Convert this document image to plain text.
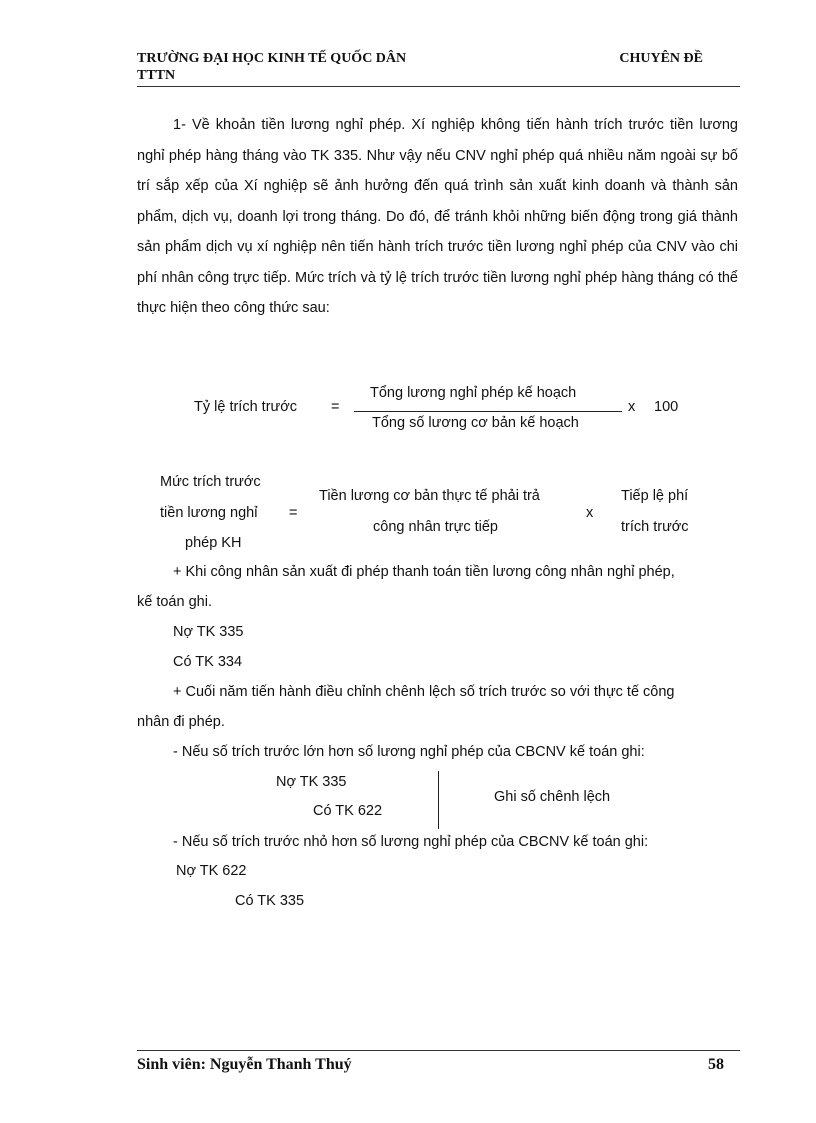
TRƯỜNG ĐẠI HỌC KINH TẾ QUỐC DÂN	CHUYÊN ĐỀ
TTTN
1- Về khoản tiền lương nghỉ phép. Xí nghiệp không tiến hành trích trước tiền lương nghỉ phép hàng tháng vào TK 335. Như vậy nếu CNV nghỉ phép quá nhiều năm ngoài sự bố trí sắp xếp của Xí nghiệp sẽ ảnh hưởng đến quá trình sản xuất kinh doanh và thành sản phẩm, dịch vụ, doanh lợi trong tháng. Do đó, để tránh khỏi những biến động trong giá thành sản phẩm dịch vụ xí nghiệp nên tiến hành trích trước tiền lương nghỉ phép của CNV vào chi phí nhân công trực tiếp. Mức trích và tỷ lệ trích trước tiền lương nghỉ phép hàng tháng có thể thực hiện theo công thức sau:
Tỷ lệ trích trước =
Tổng lương nghỉ phép kế hoạch
Tổng số lương cơ bản kế hoạch
x 100
Mức trích trước
tiền lương nghỉ
phép KH
=
Tiền lương cơ bản thực tế phải trả
công nhân trực tiếp
x
Tiếp lệ phí
trích trước
+ Khi công nhân sản xuất đi phép thanh toán tiền lương công nhân nghỉ phép,
kế toán ghi.
Nợ TK 335
Có TK 334
+ Cuối năm tiến hành điều chỉnh chênh lệch số trích trước so với thực tế công
nhân đi phép.
- Nếu số trích trước lớn hơn số lương nghỉ phép của CBCNV kế toán ghi:
Nợ TK 335
Có TK 622
Ghi số chênh lệch
- Nếu số trích trước nhỏ hơn số lương nghỉ phép của CBCNV kế toán ghi:
Nợ TK 622
Có TK 335
Sinh viên: Nguyễn Thanh Thuý	58
